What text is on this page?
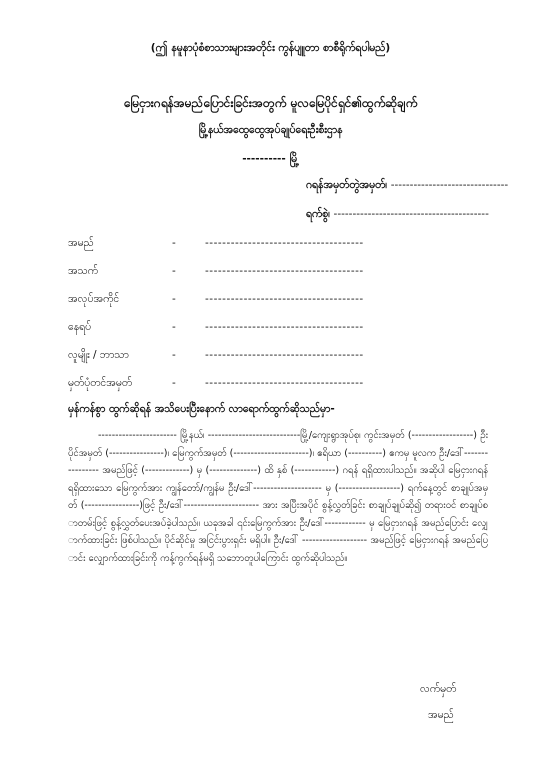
(ဤ နမူနာပုံစံစာသားများအတိုင်း ကွန်ပျူတာ စာစီရိုက်ရပါမည်)
မြေငှားဂရန်အမည်ပြောင်းခြင်းအတွက် မူလမြေပိုင်ရှင်၏ထွက်ဆိုချက်
မြို့နယ်အထွေထွေအုပ်ချုပ်ရေးဦးစီးဌာန
---------- မြို့
ဂရန်အမှတ်တွဲအမှတ်၊ -------------------------------
ရက်စွဲ၊ -----------------------------------------
အမည်	-	-------------------------------------
အသက်	-	-------------------------------------
အလုပ်အကိုင်	-	-------------------------------------
နေရပ်	-	-------------------------------------
လူမျိုး / ဘာသာ	-	-------------------------------------
မှတ်ပုံတင်အမှတ်	-	-------------------------------------
မှန်ကန်စွာ ထွက်ဆိုရန် အသိပေးပြီးနောက် လာရောက်ထွက်ဆိုသည်မှာ-
----------------------- မြို့နယ်၊ ---------------------------မြို့/ကျေးရွာအုပ်စု၊ ကွင်းအမှတ် (------------------) ဦးပိုင်အမှတ် (----------------)၊ မြေကွက်အမှတ် (----------------------)၊ ဧရိယာ (----------) ဧကမှ မူလက ဦး/ဒေါ်---------------- အမည်ဖြင့် (-------------) မှ (--------------) ထိ နှစ် (------------) ဂရန် ရရှိထားပါသည်။ အဆိုပါ မြေငှားဂရန် ရရှိထားသော မြေကွက်အား ကျွန်တော်/ကျွန်မ ဦး/ဒေါ်-------------------- မှ (------------------) ရက်နေ့တွင် စာချုပ်အမှတ် (----------------)ဖြင့် ဦး/ဒေါ်---------------------- အား အပြီးအပိုင် စွန့်လွှတ်ခြင်း စာချုပ်ချုပ်ဆို၍ တရားဝင် စာချုပ်စာတမ်းဖြင့် စွန့်လွှတ်ပေးအပ်ခဲ့ပါသည်။ ယခုအခါ ၎င်းမြေကွက်အား ဦး/ဒေါ်------------ မှ မြေငှားဂရန် အမည်ပြောင်း လျှောက်ထားခြင်း ဖြစ်ပါသည်။ ပိုင်ဆိုင်မှု အငြင်းပွားရှင်း မရှိပါ။ ဦး/ဒေါ် ------------------- အမည်ဖြင့် မြေငှားဂရန် အမည်ပြောင်း လျှောက်ထားခြင်းကို ကန့်ကွက်ရန်မရှိ သဘောတူပါကြောင်း ထွက်ဆိုပါသည်။
လက်မှတ်
အမည်
